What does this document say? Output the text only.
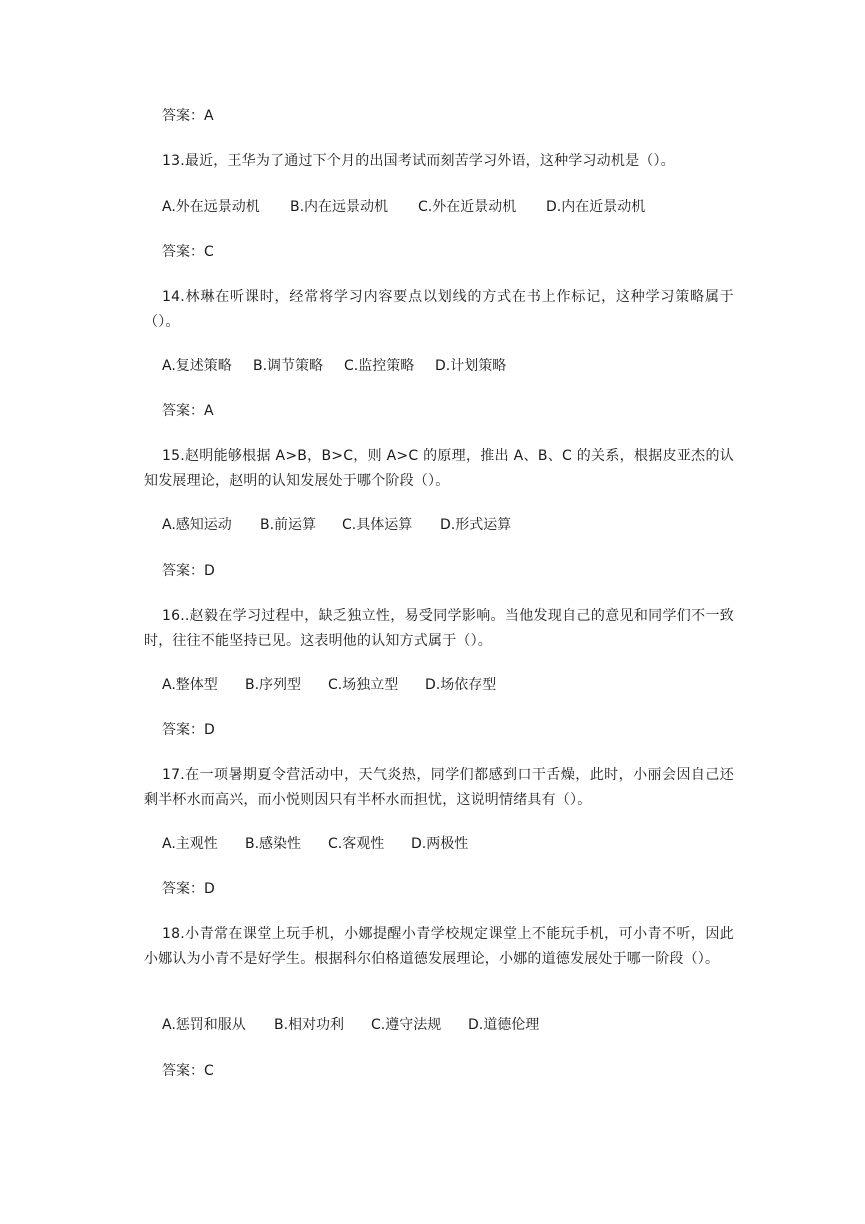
答案：A
13.最近，王华为了通过下个月的出国考试而刻苦学习外语，这种学习动机是（）。
A.外在远景动机 B.内在远景动机 C.外在近景动机 D.内在近景动机
答案：C
14.林琳在听课时，经常将学习内容要点以划线的方式在书上作标记，这种学习策略属于（）。
A.复述策略 B.调节策略 C.监控策略 D.计划策略
答案：A
15.赵明能够根据 A>B，B>C，则 A>C 的原理，推出 A、B、C 的关系，根据皮亚杰的认知发展理论，赵明的认知发展处于哪个阶段（）。
A.感知运动 B.前运算 C.具体运算 D.形式运算
答案：D
16..赵毅在学习过程中，缺乏独立性，易受同学影响。当他发现自己的意见和同学们不一致时，往往不能坚持已见。这表明他的认知方式属于（）。
A.整体型 B.序列型 C.场独立型 D.场依存型
答案：D
17.在一项暑期夏令营活动中，天气炎热，同学们都感到口干舌燥，此时，小丽会因自己还剩半杯水而高兴，而小悦则因只有半杯水而担忧，这说明情绪具有（）。
A.主观性 B.感染性 C.客观性 D.两极性
答案：D
18.小青常在课堂上玩手机，小娜提醒小青学校规定课堂上不能玩手机，可小青不听，因此小娜认为小青不是好学生。根据科尔伯格道德发展理论，小娜的道德发展处于哪一阶段（）。
A.惩罚和服从 B.相对功利 C.遵守法规 D.道德伦理
答案：C
